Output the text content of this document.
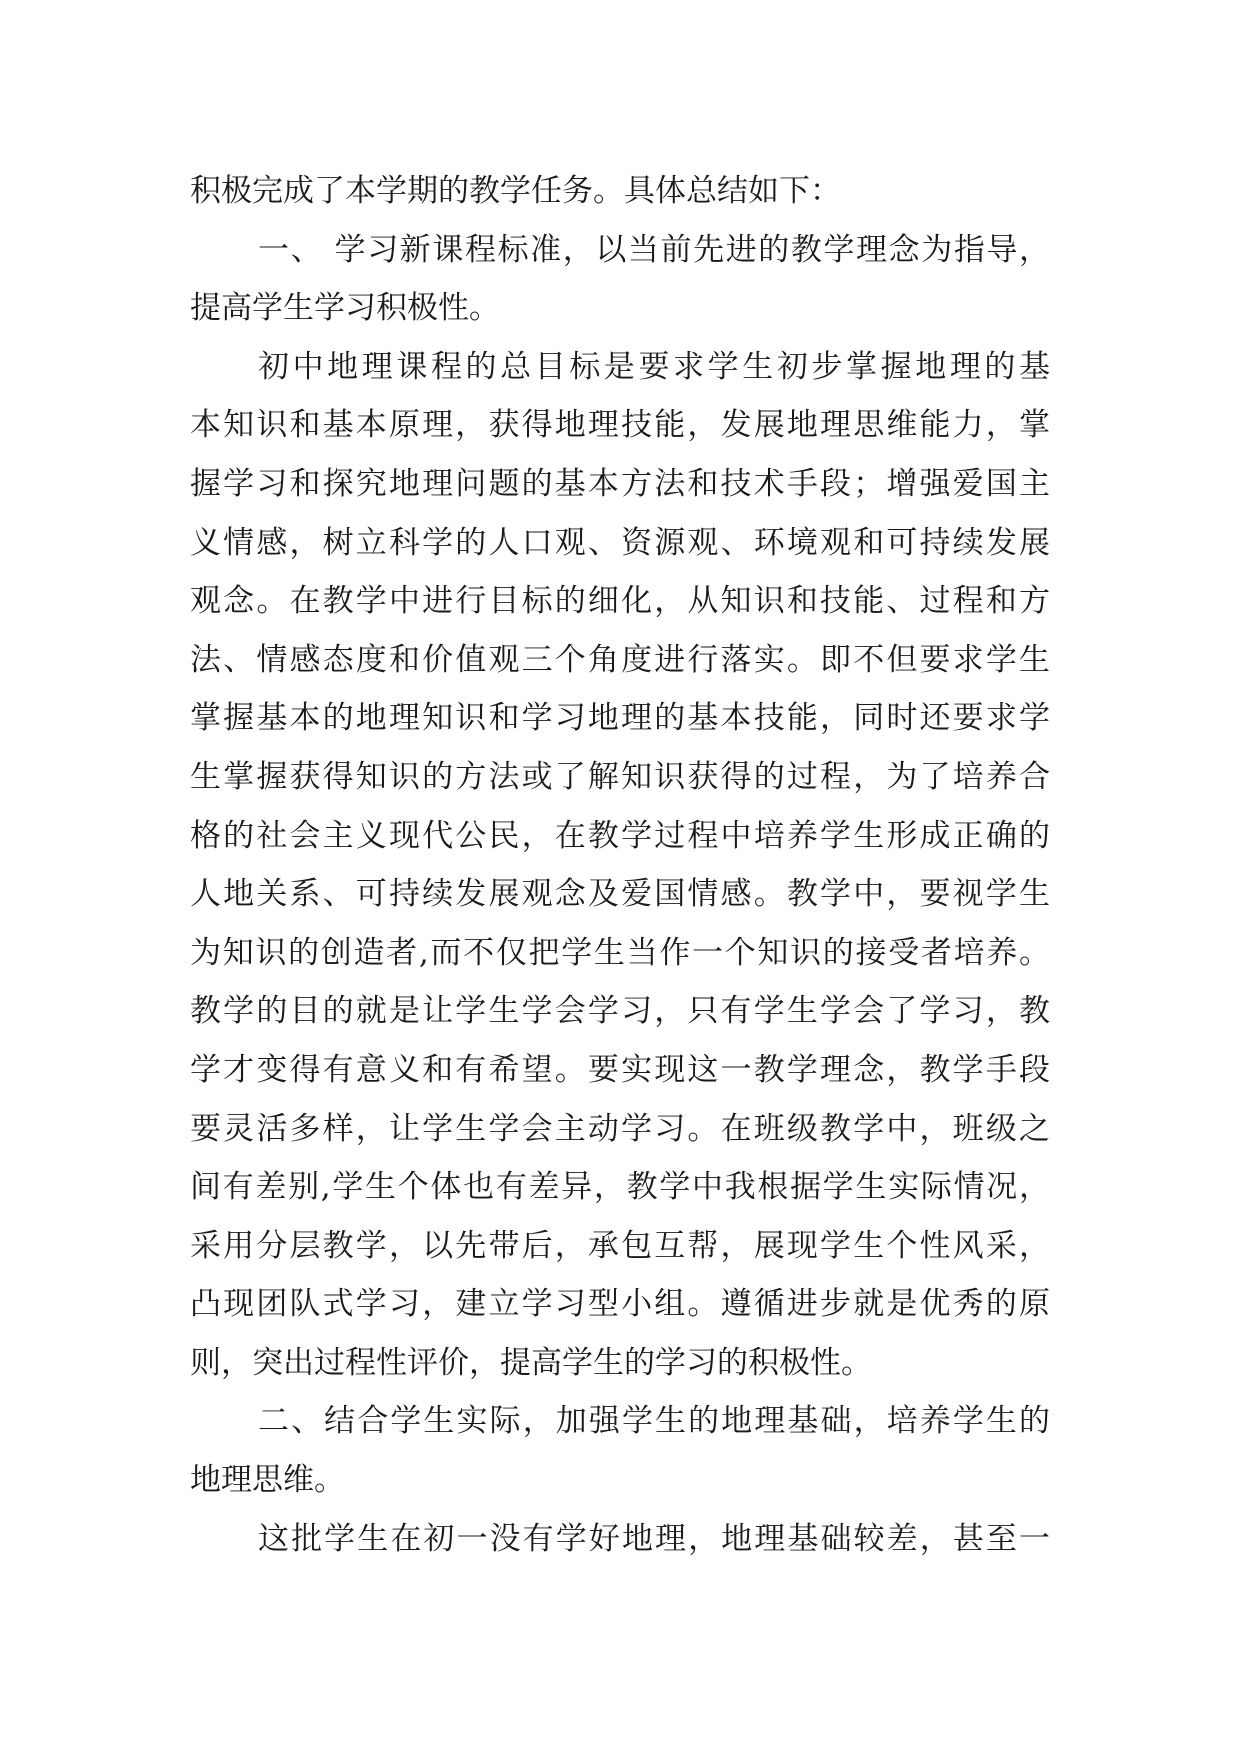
积极完成了本学期的教学任务。具体总结如下：
一、 学习新课程标准，以当前先进的教学理念为指导，
提高学生学习积极性。
初中地理课程的总目标是要求学生初步掌握地理的基
本知识和基本原理，获得地理技能，发展地理思维能力，掌
握学习和探究地理问题的基本方法和技术手段；增强爱国主
义情感，树立科学的人口观、资源观、环境观和可持续发展
观念。在教学中进行目标的细化，从知识和技能、过程和方
法、情感态度和价值观三个角度进行落实。即不但要求学生
掌握基本的地理知识和学习地理的基本技能，同时还要求学
生掌握获得知识的方法或了解知识获得的过程，为了培养合
格的社会主义现代公民，在教学过程中培养学生形成正确的
人地关系、可持续发展观念及爱国情感。教学中，要视学生
为知识的创造者,而不仅把学生当作一个知识的接受者培养。
教学的目的就是让学生学会学习，只有学生学会了学习，教
学才变得有意义和有希望。要实现这一教学理念，教学手段
要灵活多样，让学生学会主动学习。在班级教学中，班级之
间有差别,学生个体也有差异，教学中我根据学生实际情况，
采用分层教学，以先带后，承包互帮，展现学生个性风采，
凸现团队式学习，建立学习型小组。遵循进步就是优秀的原
则，突出过程性评价，提高学生的学习的积极性。
二、结合学生实际，加强学生的地理基础，培养学生的
地理思维。
这批学生在初一没有学好地理，地理基础较差，甚至一
